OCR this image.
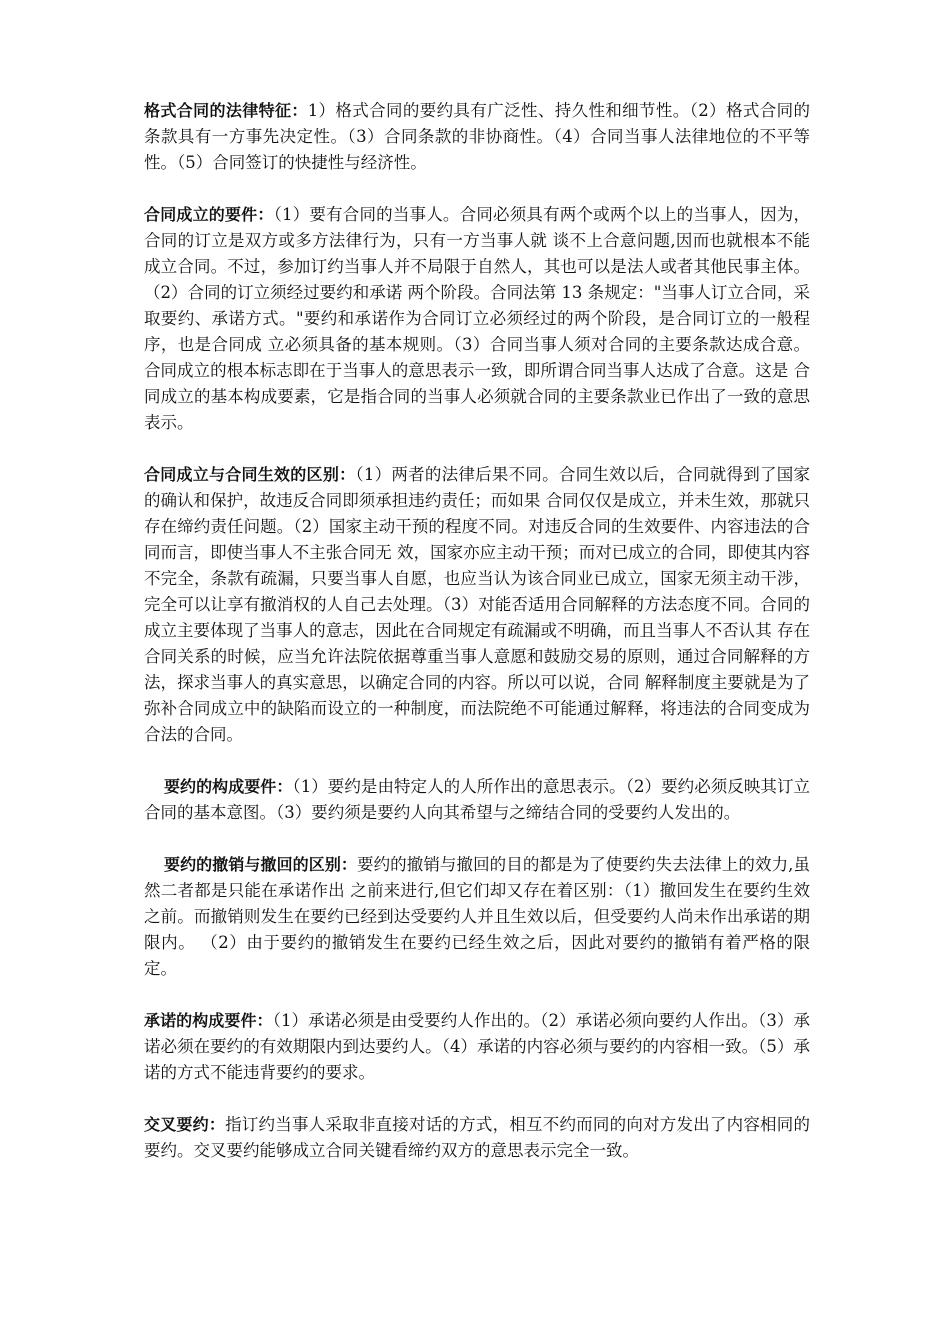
格式合同的法律特征：1）格式合同的要约具有广泛性、持久性和细节性。（2）格式合同的条款具有一方事先决定性。（3）合同条款的非协商性。（4）合同当事人法律地位的不平等性。（5）合同签订的快捷性与经济性。

合同成立的要件：（1）要有合同的当事人。合同必须具有两个或两个以上的当事人，因为，合同的订立是双方或多方法律行为，只有一方当事人就 谈不上合意问题,因而也就根本不能成立合同。不过，参加订约当事人并不局限于自然人，其也可以是法人或者其他民事主体。（2）合同的订立须经过要约和承诺 两个阶段。合同法第 13 条规定："当事人订立合同，采取要约、承诺方式。"要约和承诺作为合同订立必须经过的两个阶段，是合同订立的一般程序，也是合同成 立必须具备的基本规则。（3）合同当事人须对合同的主要条款达成合意。合同成立的根本标志即在于当事人的意思表示一致，即所谓合同当事人达成了合意。这是 合同成立的基本构成要素，它是指合同的当事人必须就合同的主要条款业已作出了一致的意思表示。

合同成立与合同生效的区别：（1）两者的法律后果不同。合同生效以后，合同就得到了国家的确认和保护，故违反合同即须承担违约责任；而如果 合同仅仅是成立，并未生效，那就只存在缔约责任问题。（2）国家主动干预的程度不同。对违反合同的生效要件、内容违法的合同而言，即使当事人不主张合同无 效，国家亦应主动干预；而对已成立的合同，即使其内容不完全，条款有疏漏，只要当事人自愿，也应当认为该合同业已成立，国家无须主动干涉，完全可以让享有撤消权的人自己去处理。（3）对能否适用合同解释的方法态度不同。合同的成立主要体现了当事人的意志，因此在合同规定有疏漏或不明确，而且当事人不否认其 存在合同关系的时候，应当允许法院依据尊重当事人意愿和鼓励交易的原则，通过合同解释的方法，探求当事人的真实意思，以确定合同的内容。所以可以说，合同 解释制度主要就是为了弥补合同成立中的缺陷而设立的一种制度，而法院绝不可能通过解释，将违法的合同变成为合法的合同。

要约的构成要件：（1）要约是由特定人的人所作出的意思表示。（2）要约必须反映其订立合同的基本意图。（3）要约须是要约人向其希望与之缔结合同的受要约人发出的。

要约的撤销与撤回的区别：要约的撤销与撤回的目的都是为了使要约失去法律上的效力,虽然二者都是只能在承诺作出 之前来进行,但它们却又存在着区别：（1）撤回发生在要约生效之前。而撤销则发生在要约已经到达受要约人并且生效以后，但受要约人尚未作出承诺的期限内。 （2）由于要约的撤销发生在要约已经生效之后，因此对要约的撤销有着严格的限定。

承诺的构成要件：（1）承诺必须是由受要约人作出的。（2）承诺必须向要约人作出。（3）承诺必须在要约的有效期限内到达要约人。（4）承诺的内容必须与要约的内容相一致。（5）承诺的方式不能违背要约的要求。

交叉要约：指订约当事人采取非直接对话的方式，相互不约而同的向对方发出了内容相同的要约。交叉要约能够成立合同关键看缔约双方的意思表示完全一致。
